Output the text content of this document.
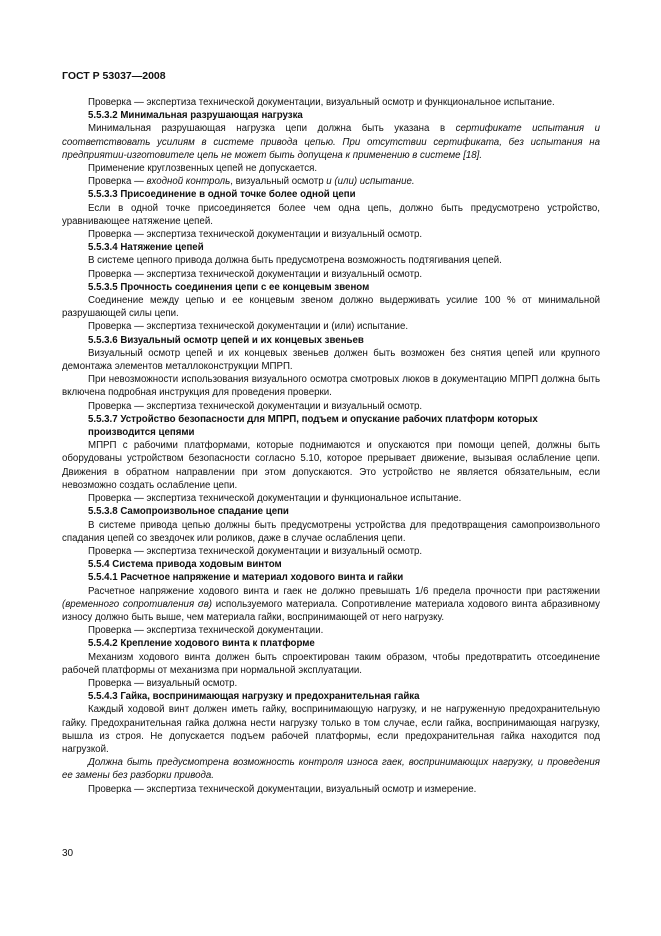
ГОСТ Р 53037—2008

Проверка — экспертиза технической документации, визуальный осмотр и функциональное испытание.

5.5.3.2 Минимальная разрушающая нагрузка

Минимальная разрушающая нагрузка цепи должна быть указана в сертификате испытания и соответствовать усилиям в системе привода цепью. При отсутствии сертификата, без испытания на предприятии-изготовителе цепь не может быть допущена к применению в системе [18].

Применение круглозвенных цепей не допускается.

Проверка — входной контроль, визуальный осмотр и (или) испытание.

5.5.3.3 Присоединение в одной точке более одной цепи

Если в одной точке присоединяется более чем одна цепь, должно быть предусмотрено устройство, уравнивающее натяжение цепей.

Проверка — экспертиза технической документации и визуальный осмотр.

5.5.3.4 Натяжение цепей

В системе цепного привода должна быть предусмотрена возможность подтягивания цепей.

Проверка — экспертиза технической документации и визуальный осмотр.

5.5.3.5 Прочность соединения цепи с ее концевым звеном

Соединение между цепью и ее концевым звеном должно выдерживать усилие 100 % от минимальной разрушающей силы цепи.

Проверка — экспертиза технической документации и (или) испытание.

5.5.3.6 Визуальный осмотр цепей и их концевых звеньев

Визуальный осмотр цепей и их концевых звеньев должен быть возможен без снятия цепей или крупного демонтажа элементов металлоконструкции МПРП.

При невозможности использования визуального осмотра смотровых люков в документацию МПРП должна быть включена подробная инструкция для проведения проверки.

Проверка — экспертиза технической документации и визуальный осмотр.

5.5.3.7 Устройство безопасности для МПРП, подъем и опускание рабочих платформ которых производится цепями

МПРП с рабочими платформами, которые поднимаются и опускаются при помощи цепей, должны быть оборудованы устройством безопасности согласно 5.10, которое прерывает движение, вызывая ослабление цепи. Движения в обратном направлении при этом допускаются. Это устройство не является обязательным, если невозможно создать ослабление цепи.

Проверка — экспертиза технической документации и функциональное испытание.

5.5.3.8 Самопроизвольное спадание цепи

В системе привода цепью должны быть предусмотрены устройства для предотвращения самопроизвольного спадания цепей со звездочек или роликов, даже в случае ослабления цепи.

Проверка — экспертиза технической документации и визуальный осмотр.

5.5.4 Система привода ходовым винтом

5.5.4.1 Расчетное напряжение и материал ходового винта и гайки

Расчетное напряжение ходового винта и гаек не должно превышать 1/6 предела прочности при растяжении (временного сопротивления σв) используемого материала. Сопротивление материала ходового винта абразивному износу должно быть выше, чем материала гайки, воспринимающей от него нагрузку.

Проверка — экспертиза технической документации.

5.5.4.2 Крепление ходового винта к платформе

Механизм ходового винта должен быть спроектирован таким образом, чтобы предотвратить отсоединение рабочей платформы от механизма при нормальной эксплуатации.

Проверка — визуальный осмотр.

5.5.4.3 Гайка, воспринимающая нагрузку и предохранительная гайка

Каждый ходовой винт должен иметь гайку, воспринимающую нагрузку, и не нагруженную предохранительную гайку. Предохранительная гайка должна нести нагрузку только в том случае, если гайка, воспринимающая нагрузку, вышла из строя. Не допускается подъем рабочей платформы, если предохранительная гайка находится под нагрузкой.

Должна быть предусмотрена возможность контроля износа гаек, воспринимающих нагрузку, и проведения ее замены без разборки привода.

Проверка — экспертиза технической документации, визуальный осмотр и измерение.

30
